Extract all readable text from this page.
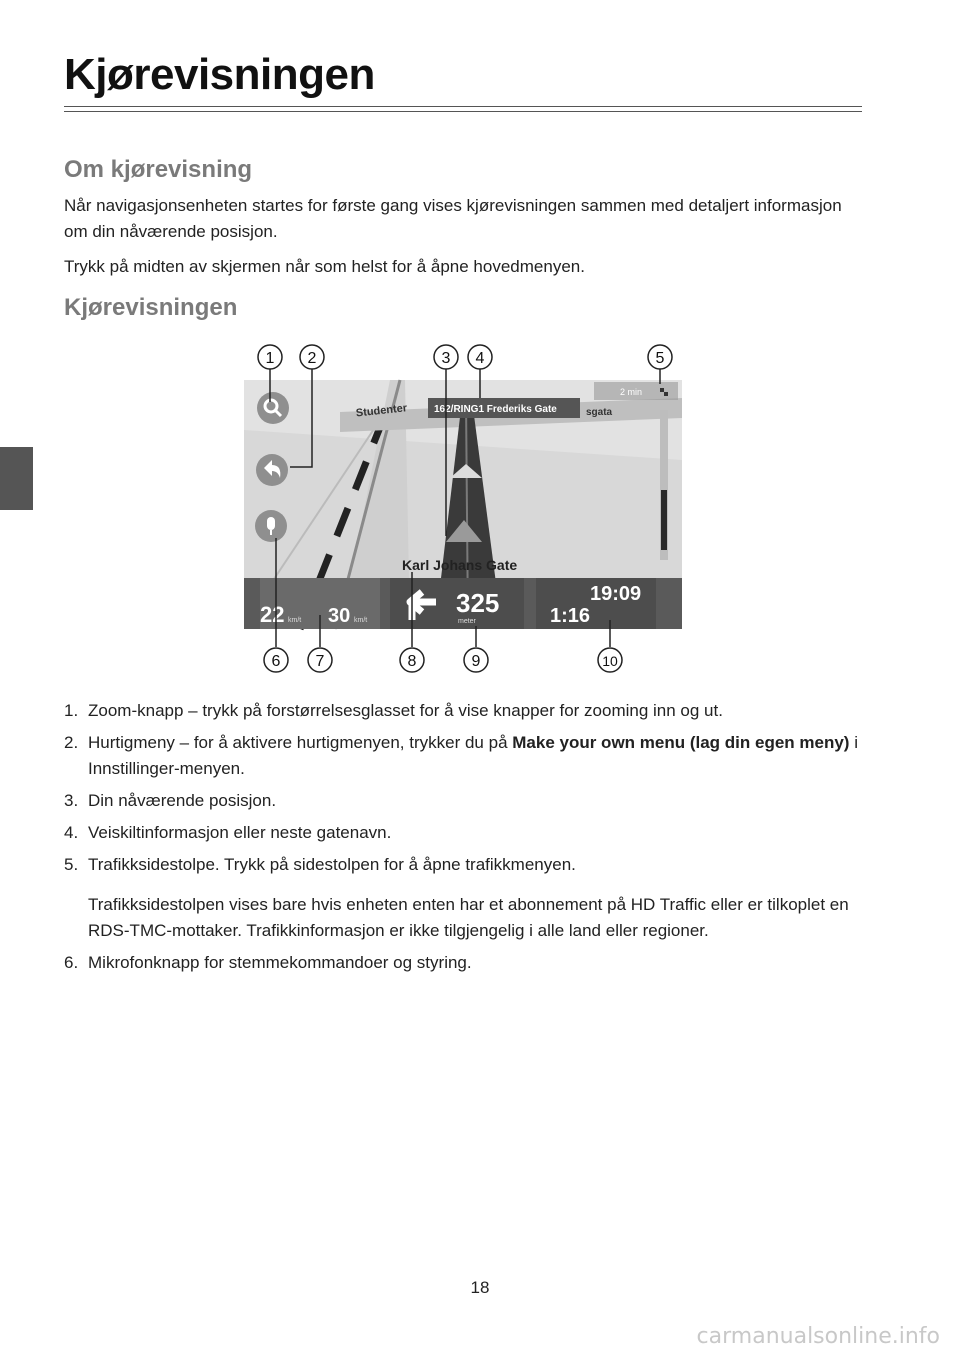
Kjørevisningen
Om kjørevisning

Når navigasjonsenheten startes for første gang vises kjørevisningen sammen med detaljert informasjon om din nåværende posisjon.

Trykk på midten av skjermen når som helst for å åpne hovedmenyen.

Kjørevisningen
Studenter	162/RING1 Frederiks Gate	sgata
2 min
Karl Johans Gate
22 km/t 30 km/t
325
meter
19:09
1:16
1 2	3 4	5
6 7	8	9	10
1. Zoom-knapp – trykk på forstørrelsesglasset for å vise knapper for zooming inn og ut.
2. Hurtigmeny – for å aktivere hurtigmenyen, trykker du på Make your own menu (lag din egen meny) i Innstillinger-menyen.
3. Din nåværende posisjon.
4. Veiskiltinformasjon eller neste gatenavn.
5. Trafikksidestolpe. Trykk på sidestolpen for å åpne trafikkmenyen.
Trafikksidestolpen vises bare hvis enheten enten har et abonnement på HD Traffic eller er tilkoplet en RDS-TMC-mottaker. Trafikkinformasjon er ikke tilgjengelig i alle land eller regioner.
6. Mikrofonknapp for stemmekommandoer og styring.
18
carmanualsonline.info
